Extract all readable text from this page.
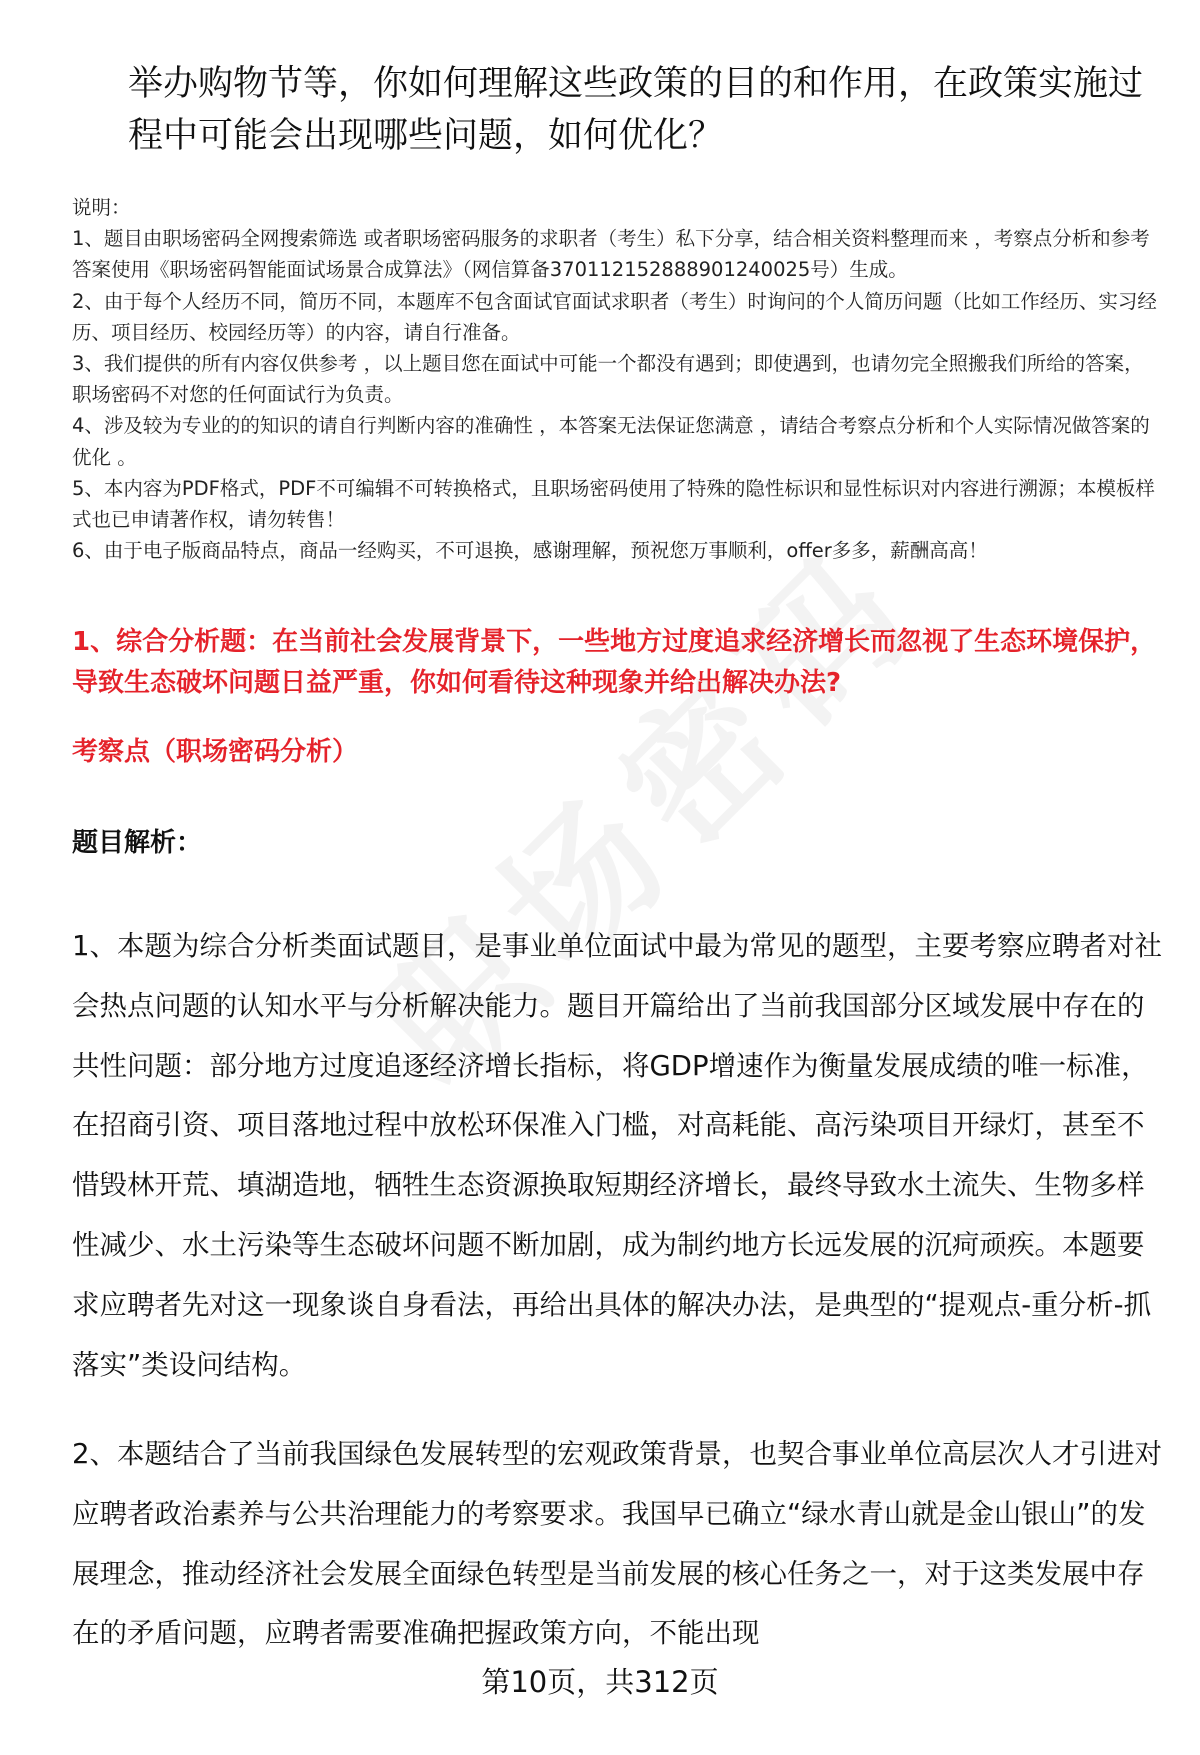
举办购物节等，你如何理解这些政策的目的和作用，在政策实施过程中可能会出现哪些问题，如何优化？
说明：
1、题目由职场密码全网搜索筛选 或者职场密码服务的求职者（考生）私下分享，结合相关资料整理而来 ，考察点分析和参考答案使用《职场密码智能面试场景合成算法》（网信算备370112152888901240025号）生成。
2、由于每个人经历不同，简历不同，本题库不包含面试官面试求职者（考生）时询问的个人简历问题（比如工作经历、实习经历、项目经历、校园经历等）的内容，请自行准备。
3、我们提供的所有内容仅供参考 ，以上题目您在面试中可能一个都没有遇到；即使遇到，也请勿完全照搬我们所给的答案，职场密码不对您的任何面试行为负责。
4、涉及较为专业的的知识的请自行判断内容的准确性 ，本答案无法保证您满意 ，请结合考察点分析和个人实际情况做答案的优化 。
5、本内容为PDF格式，PDF不可编辑不可转换格式，且职场密码使用了特殊的隐性标识和显性标识对内容进行溯源；本模板样式也已申请著作权，请勿转售！
6、由于电子版商品特点，商品一经购买，不可退换，感谢理解，预祝您万事顺利，offer多多，薪酬高高！
1、综合分析题：在当前社会发展背景下，一些地方过度追求经济增长而忽视了生态环境保护，导致生态破坏问题日益严重，你如何看待这种现象并给出解决办法?
考察点（职场密码分析）
题目解析：
1、本题为综合分析类面试题目，是事业单位面试中最为常见的题型，主要考察应聘者对社会热点问题的认知水平与分析解决能力。题目开篇给出了当前我国部分区域发展中存在的共性问题：部分地方过度追逐经济增长指标，将GDP增速作为衡量发展成绩的唯一标准，在招商引资、项目落地过程中放松环保准入门槛，对高耗能、高污染项目开绿灯，甚至不惜毁林开荒、填湖造地，牺牲生态资源换取短期经济增长，最终导致水土流失、生物多样性减少、水土污染等生态破坏问题不断加剧，成为制约地方长远发展的沉疴顽疾。本题要求应聘者先对这一现象谈自身看法，再给出具体的解决办法，是典型的“提观点-重分析-抓落实”类设问结构。
2、本题结合了当前我国绿色发展转型的宏观政策背景，也契合事业单位高层次人才引进对应聘者政治素养与公共治理能力的考察要求。我国早已确立“绿水青山就是金山银山”的发展理念，推动经济社会发展全面绿色转型是当前发展的核心任务之一，对于这类发展中存在的矛盾问题，应聘者需要准确把握政策方向，不能出现
第10页，共312页
